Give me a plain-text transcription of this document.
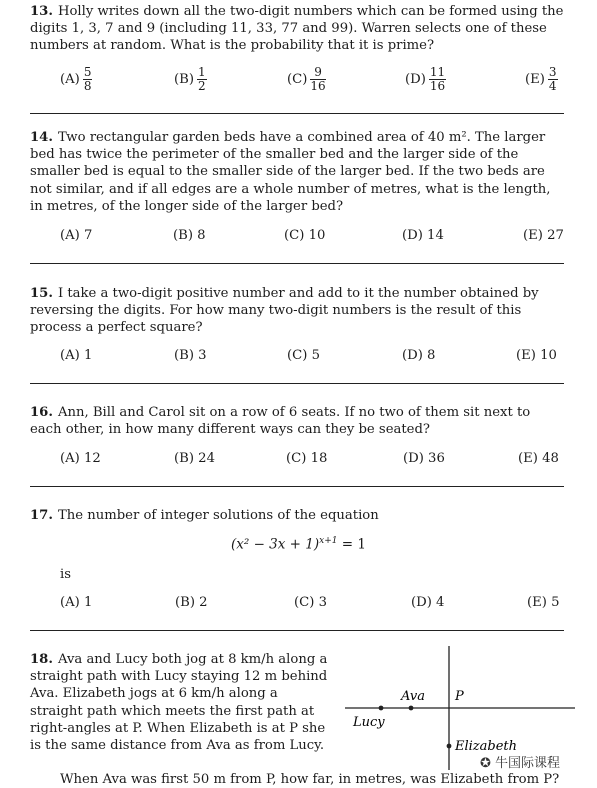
13. Holly writes down all the two-digit numbers which can be formed using the digits 1, 3, 7 and 9 (including 11, 33, 77 and 99). Warren selects one of these numbers at random. What is the probability that it is prime?
$(A) \frac{5}{8}$	$(B) \frac{1}{2}$	$(C) \frac{9}{16}$	$(D) \frac{11}{16}$	$(E) \frac{3}{4}$
14. Two rectangular garden beds have a combined area of 40 m². The larger bed has twice the perimeter of the smaller bed and the larger side of the smaller bed is equal to the smaller side of the larger bed. If the two beds are not similar, and if all edges are a whole number of metres, what is the length, in metres, of the longer side of the larger bed?
(A) 7	(B) 8	(C) 10	(D) 14	(E) 27
15. I take a two-digit positive number and add to it the number obtained by reversing the digits. For how many two-digit numbers is the result of this process a perfect square?
(A) 1	(B) 3	(C) 5	(D) 8	(E) 10
16. Ann, Bill and Carol sit on a row of 6 seats. If no two of them sit next to each other, in how many different ways can they be seated?
(A) 12	(B) 24	(C) 18	(D) 36	(E) 48
17. The number of integer solutions of the equation
$(x^2 - 3x + 1)^{x+1} = 1$
is
(A) 1	(B) 2	(C) 3	(D) 4	(E) 5
18. Ava and Lucy both jog at 8 km/h along a straight path with Lucy staying 12 m behind Ava. Elizabeth jogs at 6 km/h along a straight path which meets the first path at right-angles at P. When Elizabeth is at P she is the same distance from Ava as from Lucy.
When Ava was first 50 m from P, how far, in metres, was Elizabeth from P?
Ava P
Lucy
Elizabeth
✪ 牛国际课程
